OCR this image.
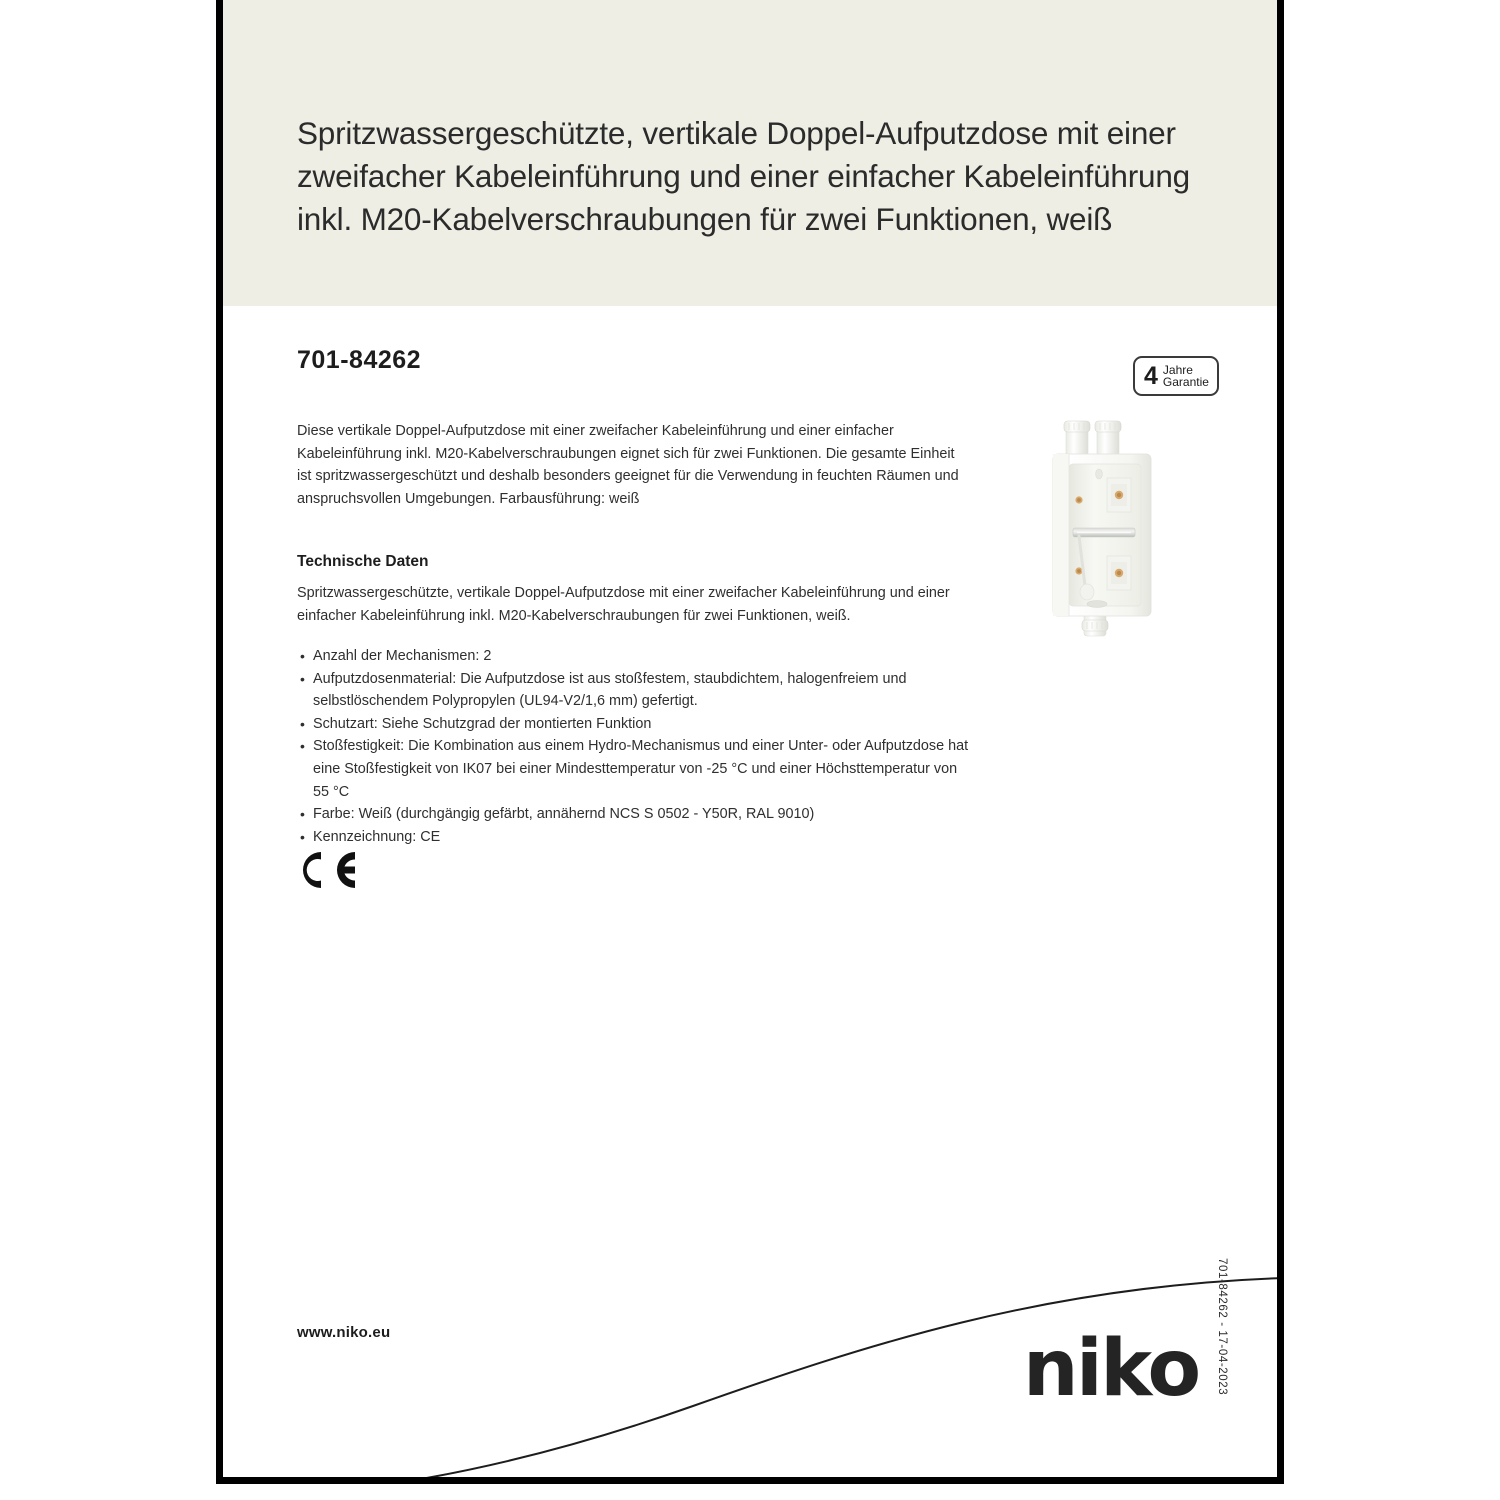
Spritzwassergeschützte, vertikale Doppel-Aufputzdose mit einer zweifacher Kabeleinführung und einer einfacher Kabeleinführung inkl. M20-Kabelverschraubungen für zwei Funktionen, weiß
701-84262
4 Jahre
Garantie
Diese vertikale Doppel-Aufputzdose mit einer zweifacher Kabeleinführung und einer einfacher Kabeleinführung inkl. M20-Kabelverschraubungen eignet sich für zwei Funktionen. Die gesamte Einheit ist spritzwassergeschützt und deshalb besonders geeignet für die Verwendung in feuchten Räumen und anspruchsvollen Umgebungen. Farbausführung: weiß
Technische Daten
Spritzwassergeschützte, vertikale Doppel-Aufputzdose mit einer zweifacher Kabeleinführung und einer einfacher Kabeleinführung inkl. M20-Kabelverschraubungen für zwei Funktionen, weiß.
• Anzahl der Mechanismen: 2
• Aufputzdosenmaterial: Die Aufputzdose ist aus stoßfestem, staubdichtem, halogenfreiem und selbstlöschendem Polypropylen (UL94-V2/1,6 mm) gefertigt.
• Schutzart: Siehe Schutzgrad der montierten Funktion
• Stoßfestigkeit: Die Kombination aus einem Hydro-Mechanismus und einer Unter- oder Aufputzdose hat eine Stoßfestigkeit von IK07 bei einer Mindesttemperatur von -25 °C und einer Höchsttemperatur von 55 °C
• Farbe: Weiß (durchgängig gefärbt, annähernd NCS S 0502 - Y50R, RAL 9010)
• Kennzeichnung: CE
www.niko.eu	niko 701-84262 - 17-04-2023
